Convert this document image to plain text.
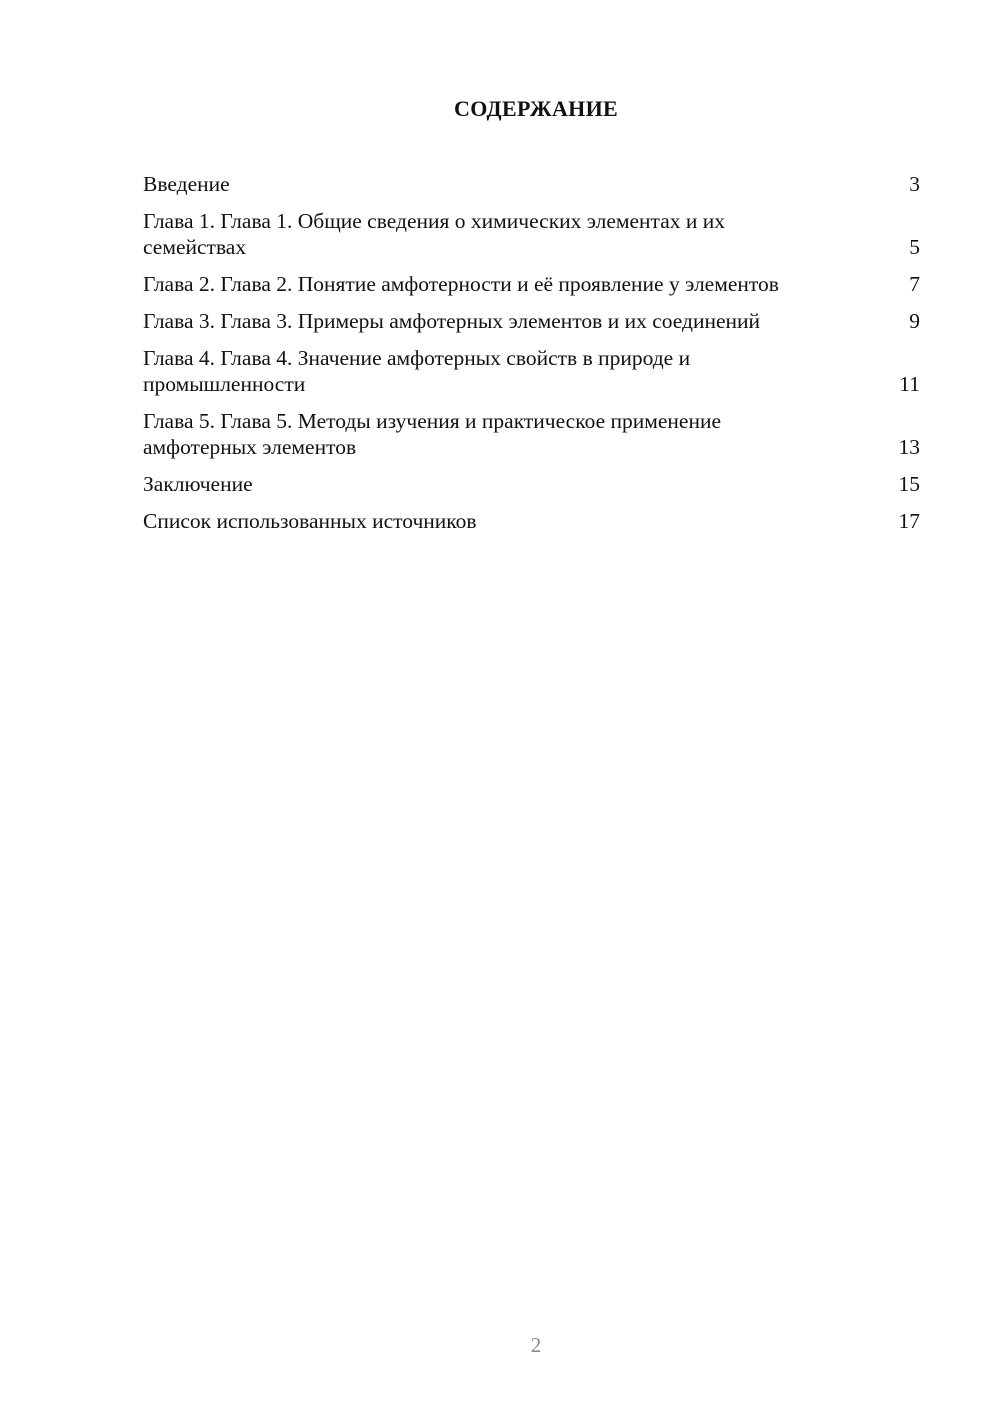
СОДЕРЖАНИЕ
Введение	3
Глава 1. Глава 1. Общие сведения о химических элементах и их семействах	5
Глава 2. Глава 2. Понятие амфотерности и её проявление у элементов	7
Глава 3. Глава 3. Примеры амфотерных элементов и их соединений	9
Глава 4. Глава 4. Значение амфотерных свойств в природе и промышленности	11
Глава 5. Глава 5. Методы изучения и практическое применение амфотерных элементов	13
Заключение	15
Список использованных источников	17
2
